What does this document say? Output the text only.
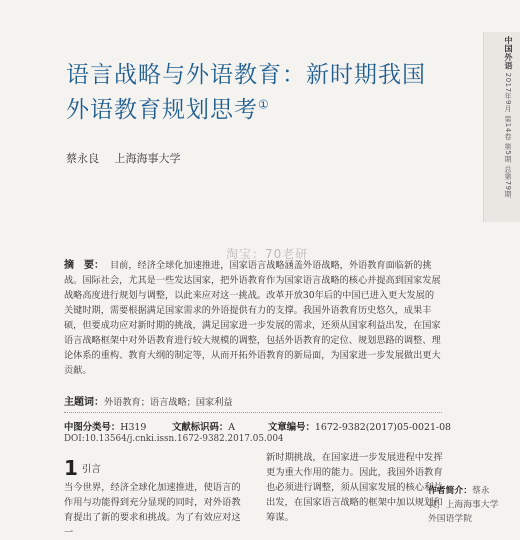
中国外语 2017年9月 第14卷 第5期 总第79期
语言战略与外语教育：新时期我国外语教育规划思考①
蔡永良 上海海事大学
淘宝：70老研
摘　要： 目前，经济全球化加速推进，国家语言战略涵盖外语战略，外语教育面临新的挑战。国际社会，尤其是一些发达国家，把外语教育作为国家语言战略的核心并提高到国家发展战略高度进行规划与调整，以此来应对这一挑战。改革开放30年后的中国已进入更大发展的关键时期，需要根据满足国家需求的外语提供有力的支撑。我国外语教育历史悠久，成果丰硕，但要成功应对新时期的挑战，满足国家进一步发展的需求，还须从国家利益出发，在国家语言战略框架中对外语教育进行较大规模的调整，包括外语教育的定位、规划思路的调整、理论体系的重构、教育大纲的制定等，从而开拓外语教育的新局面，为国家进一步发展做出更大贡献。
主题词：外语教育；语言战略；国家利益
中图分类号：H319	文献标识码：A	文章编号：1672-9382(2017)05-0021-08
DOI:10.13564/j.cnki.issn.1672-9382.2017.05.004
1 引言
当今世界，经济全球化加速推进，使语言的作用与功能得到充分显现的同时，对外语教育提出了新的要求和挑战。为了有效应对这一
新时期挑战，在国家进一步发展进程中发挥更为重大作用的能力。因此，我国外语教育也必须进行调整，须从国家发展的核心利益出发，在国家语言战略的框架中加以规划和筹谋。
作者简介：蔡永良，上海海事大学外国语学院
